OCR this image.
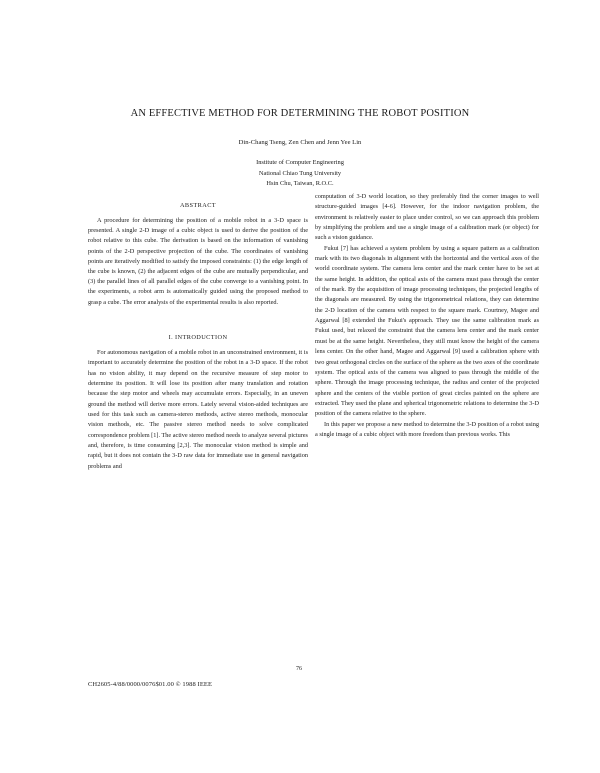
AN EFFECTIVE METHOD FOR DETERMINING THE ROBOT POSITION
Din-Chang Tseng, Zen Chen and Jenn Yee Lin
Institute of Computer Engineering
National Chiao Tung University
Hsin Chu, Taiwan, R.O.C.
ABSTRACT

A procedure for determining the position of a mobile robot in a 3-D space is presented. A single 2-D image of a cubic object is used to derive the position of the robot relative to this cube. The derivation is based on the information of vanishing points of the 2-D perspective projection of the cube. The coordinates of vanishing points are iteratively modified to satisfy the imposed constraints: (1) the edge length of the cube is known, (2) the adjacent edges of the cube are mutually perpendicular, and (3) the parallel lines of all parallel edges of the cube converge to a vanishing point. In the experiments, a robot arm is automatically guided using the proposed method to grasp a cube. The error analysis of the experimental results is also reported.

I. INTRODUCTION

For autonomous navigation of a mobile robot in an unconstrained environment, it is important to accurately determine the position of the robot in a 3-D space. If the robot has no vision ability, it may depend on the recursive measure of step motor to determine its position. It will lose its position after many translation and rotation because the step motor and wheels may accumulate errors. Especially, in an uneven ground the method will derive more errors. Lately several vision-aided techniques are used for this task such as camera-stereo methods, active stereo methods, monocular vision methods, etc. The passive stereo method needs to solve complicated correspondence problem [1]. The active stereo method needs to analyze several pictures and, therefore, is time consuming [2,3]. The monocular vision method is simple and rapid, but it does not contain the 3-D raw data for immediate use in general navigation problems and

computation of 3-D world location, so they preferably find the corner images to well structure-guided images [4-6]. However, for the indoor navigation problem, the environment is relatively easier to place under control, so we can approach this problem by simplifying the problem and use a single image of a calibration mark (or object) for such a vision guidance.

Fukui [7] has achieved a system problem by using a square pattern as a calibration mark with its two diagonals in alignment with the horizontal and the vertical axes of the world coordinate system. The camera lens center and the mark center have to be set at the same height. In addition, the optical axis of the camera must pass through the center of the mark. By the acquisition of image processing techniques, the projected lengths of the diagonals are measured. By using the trigonometrical relations, they can determine the 2-D location of the camera with respect to the square mark. Courtney, Magee and Aggarwal [8] extended the Fukui's approach. They use the same calibration mark as Fukui used, but relaxed the constraint that the camera lens center and the mark center must be at the same height. Nevertheless, they still must know the height of the camera lens center. On the other hand, Magee and Aggarwal [9] used a calibration sphere with two great orthogonal circles on the surface of the sphere as the two axes of the coordinate system. The optical axis of the camera was aligned to pass through the middle of the sphere. Through the image processing technique, the radius and center of the projected sphere and the centers of the visible portion of great circles painted on the sphere are extracted. They used the plane and spherical trigonometric relations to determine the 3-D position of the camera relative to the sphere.

In this paper we propose a new method to determine the 3-D position of a robot using a single image of a cubic object with more freedom than previous works. This

76
CH2605-4/88/0000/0076$01.00 © 1988 IEEE
